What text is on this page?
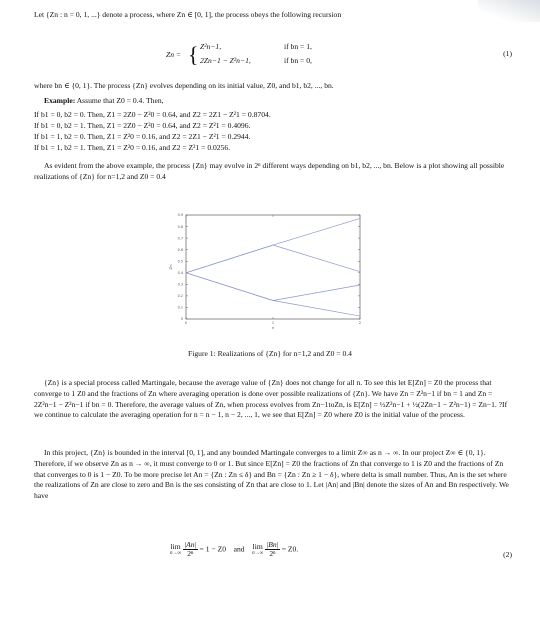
Let {Zn : n = 0, 1, ...} denote a process, where Zn ∈ [0, 1], the process obeys the following recursion

Zn = { Z²n−1,	if bn = 1,
2Zn−1 − Z²n−1,	if bn = 0,
(1)

where bn ∈ {0, 1}. The process {Zn} evolves depending on its initial value, Z0, and b1, b2, ..., bn.

Example: Assume that Z0 = 0.4. Then,

If b1 = 0, b2 = 0. Then, Z1 = 2Z0 − Z²0 = 0.64, and Z2 = 2Z1 − Z²1 = 0.8704.

If b1 = 0, b2 = 1. Then, Z1 = 2Z0 − Z²0 = 0.64, and Z2 = Z²1 = 0.4096.

If b1 = 1, b2 = 0. Then, Z1 = Z²0 = 0.16, and Z2 = 2Z1 − Z²1 = 0.2944.

If b1 = 1, b2 = 1. Then, Z1 = Z²0 = 0.16, and Z2 = Z²1 = 0.0256.

As evident from the above example, the process {Zn} may evolve in 2ⁿ different ways depending on b1, b2, ..., bn. Below is a plot showing all possible realizations of {Zn} for n=1,2 and Z0 = 0.4

0
0.1
0.2
0.3
0.4
0.5
0.6
0.7
0.8
0.9
0	1	2
n
Zn
Figure 1: Realizations of {Zn} for n=1,2 and Z0 = 0.4

{Zn} is a special process called Martingale, because the average value of {Zn} does not change for all n. To see this let E[Zn] = Z0 the process that converge to 1 Z0 and the fractions of Zn where averaging operation is done over possible realizations of {Zn}. We have Zn = Z²n−1 if bn = 1 and Zn = 2Z²n−1 − Z²n−1 if bn = 0. Therefore, the average values of Zn, when process evolves from Zn−1toZn, is E[Zn] = ½Z²n−1 + ½(2Zn−1 − Z²n−1) = Zn−1. ?If we continue to calculate the averaging operation for n = n − 1, n − 2, ..., 1, we see that E[Zn] = Z0 where Z0 is the initial value of the process.

In this project, {Zn} is bounded in the interval [0, 1], and any bounded Martingale converges to a limit Z∞ as n → ∞. In our project Z∞ ∈ {0, 1}. Therefore, if we observe Zn as n → ∞, it must converge to 0 or 1. But since E[Zn] = Z0 the fractions of Zn that converge to 1 is Z0 and the fractions of Zn that converges to 0 is 1 − Z0. To be more precise let An = {Zn : Zn ≤ δ} and Bn = {Zn : Zn ≥ 1 − δ}, where delta is small number. Thus, An is the set where the realizations of Zn are close to zero and Bn is the ses consisting of Zn that are close to 1. Let |An| and |Bn| denote the sizes of An and Bn respectively. We have

lim
n→∞
$\frac{|An|}{\text{2ⁿ}} = 1 - Z0$ and lim
n→∞
$\frac{|Bn|}{\text{2ⁿ}} = Z0$.
(2)
